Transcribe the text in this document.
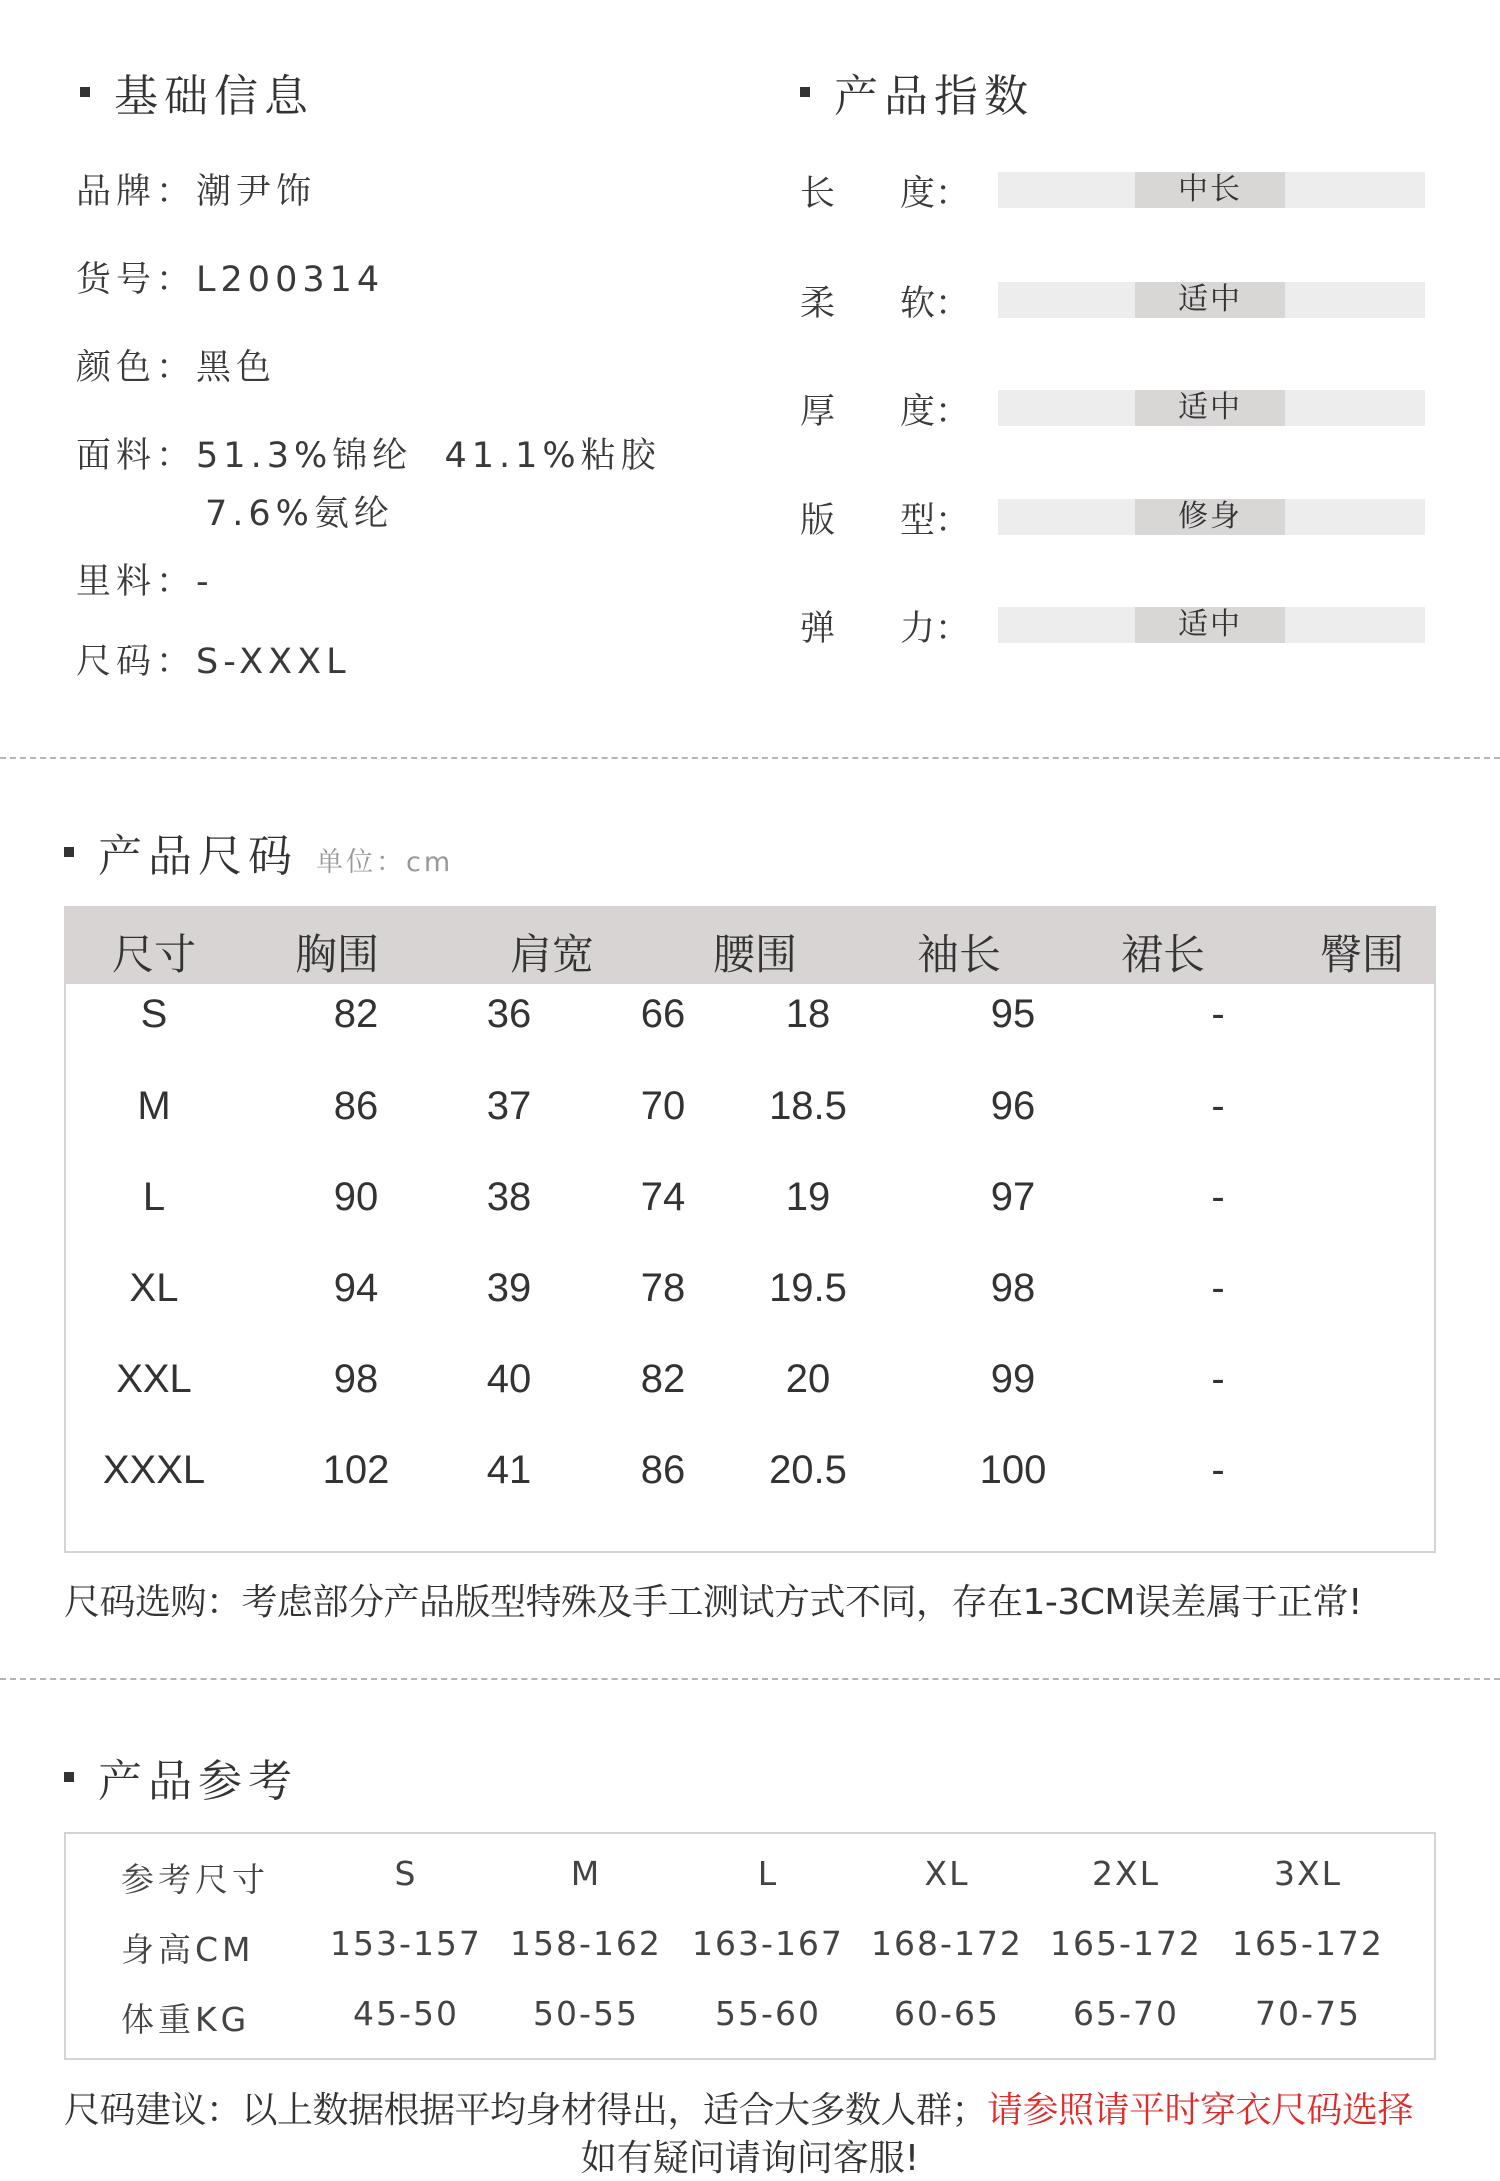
基础信息
品牌 ： 潮尹饰
货号 ： L200314
颜色 ： 黑色
面料 ： 51.3%锦纶  41.1%粘胶
7.6%氨纶
里料 ： -
尺码 ： S-XXXL
产品指数
长 度 ：	中长
柔 软 ：	适中
厚 度 ：	适中
版 型 ：	修身
弹 力 ：	适中
产品尺码 单位：cm
尺寸	胸围	肩宽	腰围	袖长	裙长	臀围
S	82	36	66	18	95	-
M	86	37	70	18.5	96	-
L	90	38	74	19	97	-
XL	94	39	78	19.5	98	-
XXL	98	40	82	20	99	-
XXXL	102	41	86	20.5	100	-
尺码选购：考虑部分产品版型特殊及手工测试方式不同，存在1-3CM误差属于正常!
产品参考
参考尺寸	S	M	L	XL	2XL	3XL
身高CM 153-157 158-162 163-167 168-172 165-172 165-172
体重KG	45-50	50-55	55-60	60-65	65-70	70-75
尺码建议：以上数据根据平均身材得出，适合大多数人群；请参照请平时穿衣尺码选择
如有疑问请询问客服!
